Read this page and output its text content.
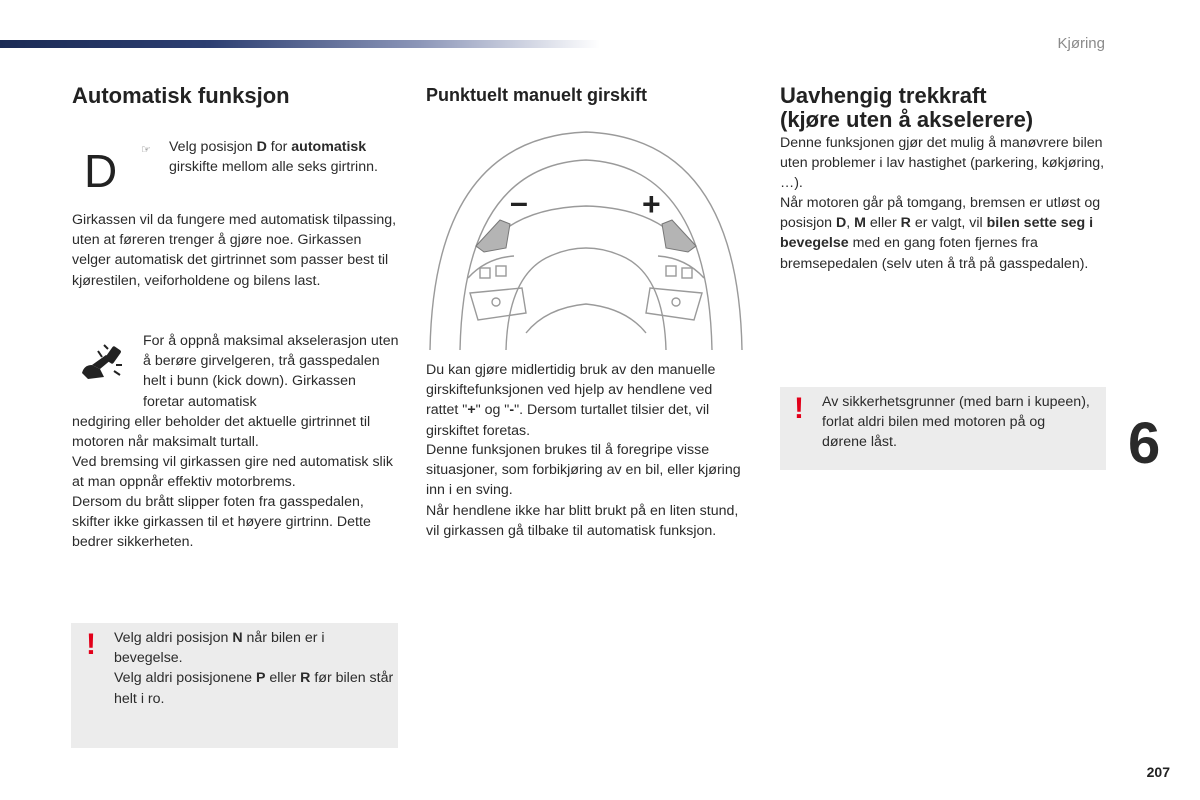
Kjøring
Automatisk funksjon
D ☞ Velg posisjon D for automatisk girskifte mellom alle seks girtrinn.
Girkassen vil da fungere med automatisk tilpassing, uten at føreren trenger å gjøre noe. Girkassen velger automatisk det girtrinnet som passer best til kjørestilen, veiforholdene og bilens last.
For å oppnå maksimal akselerasjon uten å berøre girvelgeren, trå gasspedalen helt i bunn (kick down). Girkassen foretar automatisk
nedgiring eller beholder det aktuelle girtrinnet til motoren når maksimalt turtall.
Ved bremsing vil girkassen gire ned automatisk slik at man oppnår effektiv motorbrems.
Dersom du brått slipper foten fra gasspedalen, skifter ikke girkassen til et høyere girtrinn. Dette bedrer sikkerheten.
! Velg aldri posisjon N når bilen er i bevegelse.

Velg aldri posisjonene P eller R før bilen står helt i ro.

Punktuelt manuelt girskift
–	+
Du kan gjøre midlertidig bruk av den manuelle girskiftefunksjonen ved hjelp av hendlene ved rattet "+" og "-". Dersom turtallet tilsier det, vil girskiftet foretas.
Denne funksjonen brukes til å foregripe visse situasjoner, som forbikjøring av en bil, eller kjøring inn i en sving.
Når hendlene ikke har blitt brukt på en liten stund, vil girkassen gå tilbake til automatisk funksjon.
Uavhengig trekkraft
(kjøre uten å akselerere)
Denne funksjonen gjør det mulig å manøvrere bilen uten problemer i lav hastighet (parkering, køkjøring, …).
Når motoren går på tomgang, bremsen er utløst og posisjon D, M eller R er valgt, vil bilen sette seg i bevegelse med en gang foten fjernes fra bremsepedalen (selv uten å trå på gasspedalen).
! Av sikkerhetsgrunner (med barn i kupeen), forlat aldri bilen med motoren på og dørene låst.	6
207
